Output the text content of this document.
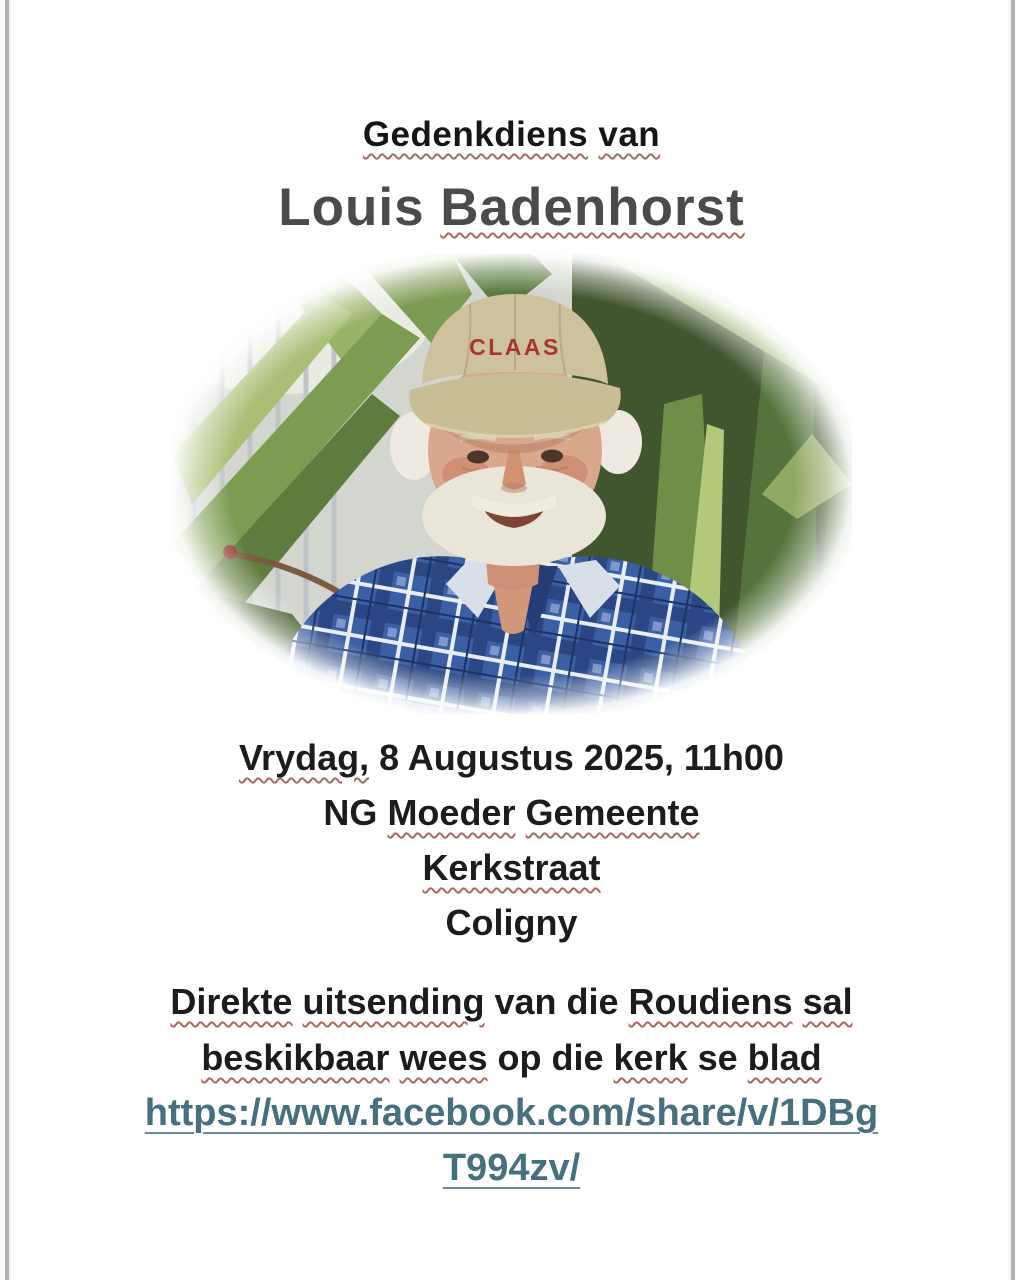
Gedenkdiens van
Louis Badenhorst
Vrydag, 8 Augustus 2025, 11h00
NG Moeder Gemeente
Kerkstraat
Coligny
Direkte uitsending van die Roudiens sal
beskikbaar wees op die kerk se blad
https://www.facebook.com/share/v/1DBg
T994zv/
